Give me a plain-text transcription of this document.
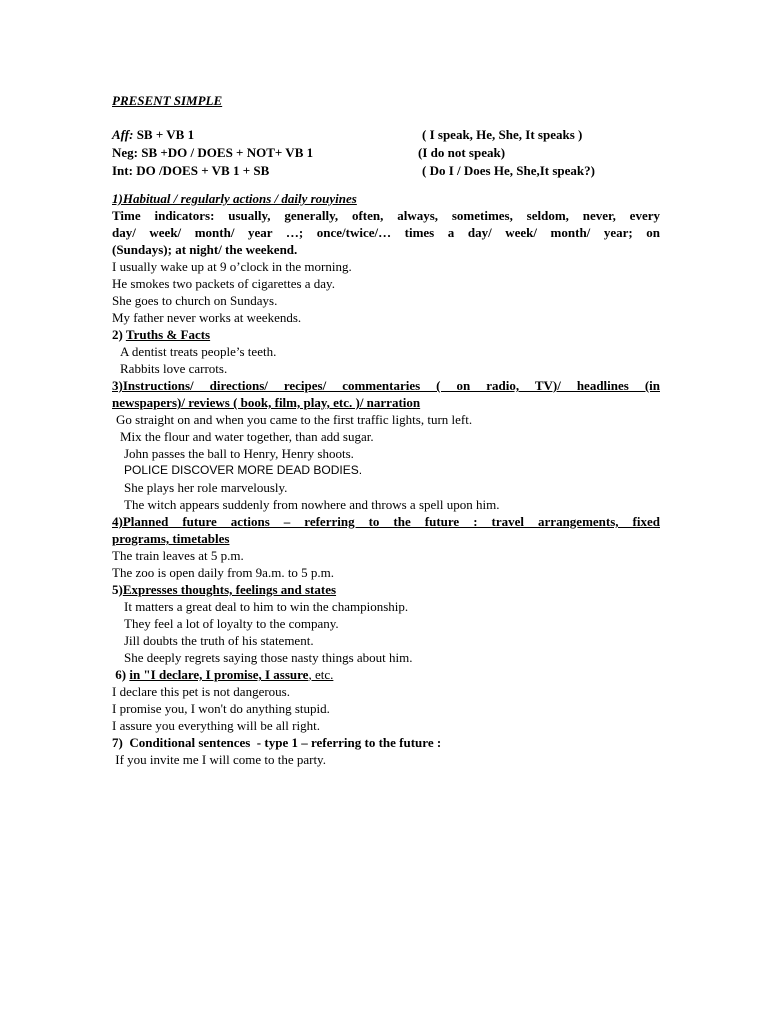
PRESENT SIMPLE
Aff: SB + VB 1	( I speak, He, She, It speaks )
Neg: SB +DO / DOES + NOT+ VB 1	(I do not speak)
Int: DO /DOES + VB 1 + SB	( Do I / Does He, She,It speak?)
1)Habitual / regularly actions / daily rouyines
Time indicators: usually, generally, often, always, sometimes, seldom, never, every
day/ week/ month/ year …; once/twice/… times a day/ week/ month/ year; on
(Sundays); at night/ the weekend.
I usually wake up at 9 o’clock in the morning.
He smokes two packets of cigarettes a day.
She goes to church on Sundays.
My father never works at weekends.
2) Truths & Facts
A dentist treats people’s teeth.
Rabbits love carrots.
3)Instructions/ directions/ recipes/ commentaries ( on radio, TV)/ headlines (in
newspapers)/ reviews ( book, film, play, etc. )/ narration
Go straight on and when you came to the first traffic lights, turn left.
Mix the flour and water together, than add sugar.
John passes the ball to Henry, Henry shoots.
POLICE DISCOVER MORE DEAD BODIES.
She plays her role marvelously.
The witch appears suddenly from nowhere and throws a spell upon him.
4)Planned future actions – referring to the future : travel arrangements, fixed
programs, timetables
The train leaves at 5 p.m.
The zoo is open daily from 9a.m. to 5 p.m.
5)Expresses thoughts, feelings and states
It matters a great deal to him to win the championship.
They feel a lot of loyalty to the company.
Jill doubts the truth of his statement.
She deeply regrets saying those nasty things about him.
6) in "I declare, I promise, I assure, etc.
I declare this pet is not dangerous.
I promise you, I won't do anything stupid.
I assure you everything will be all right.
7)  Conditional sentences  - type 1 – referring to the future :
If you invite me I will come to the party.
